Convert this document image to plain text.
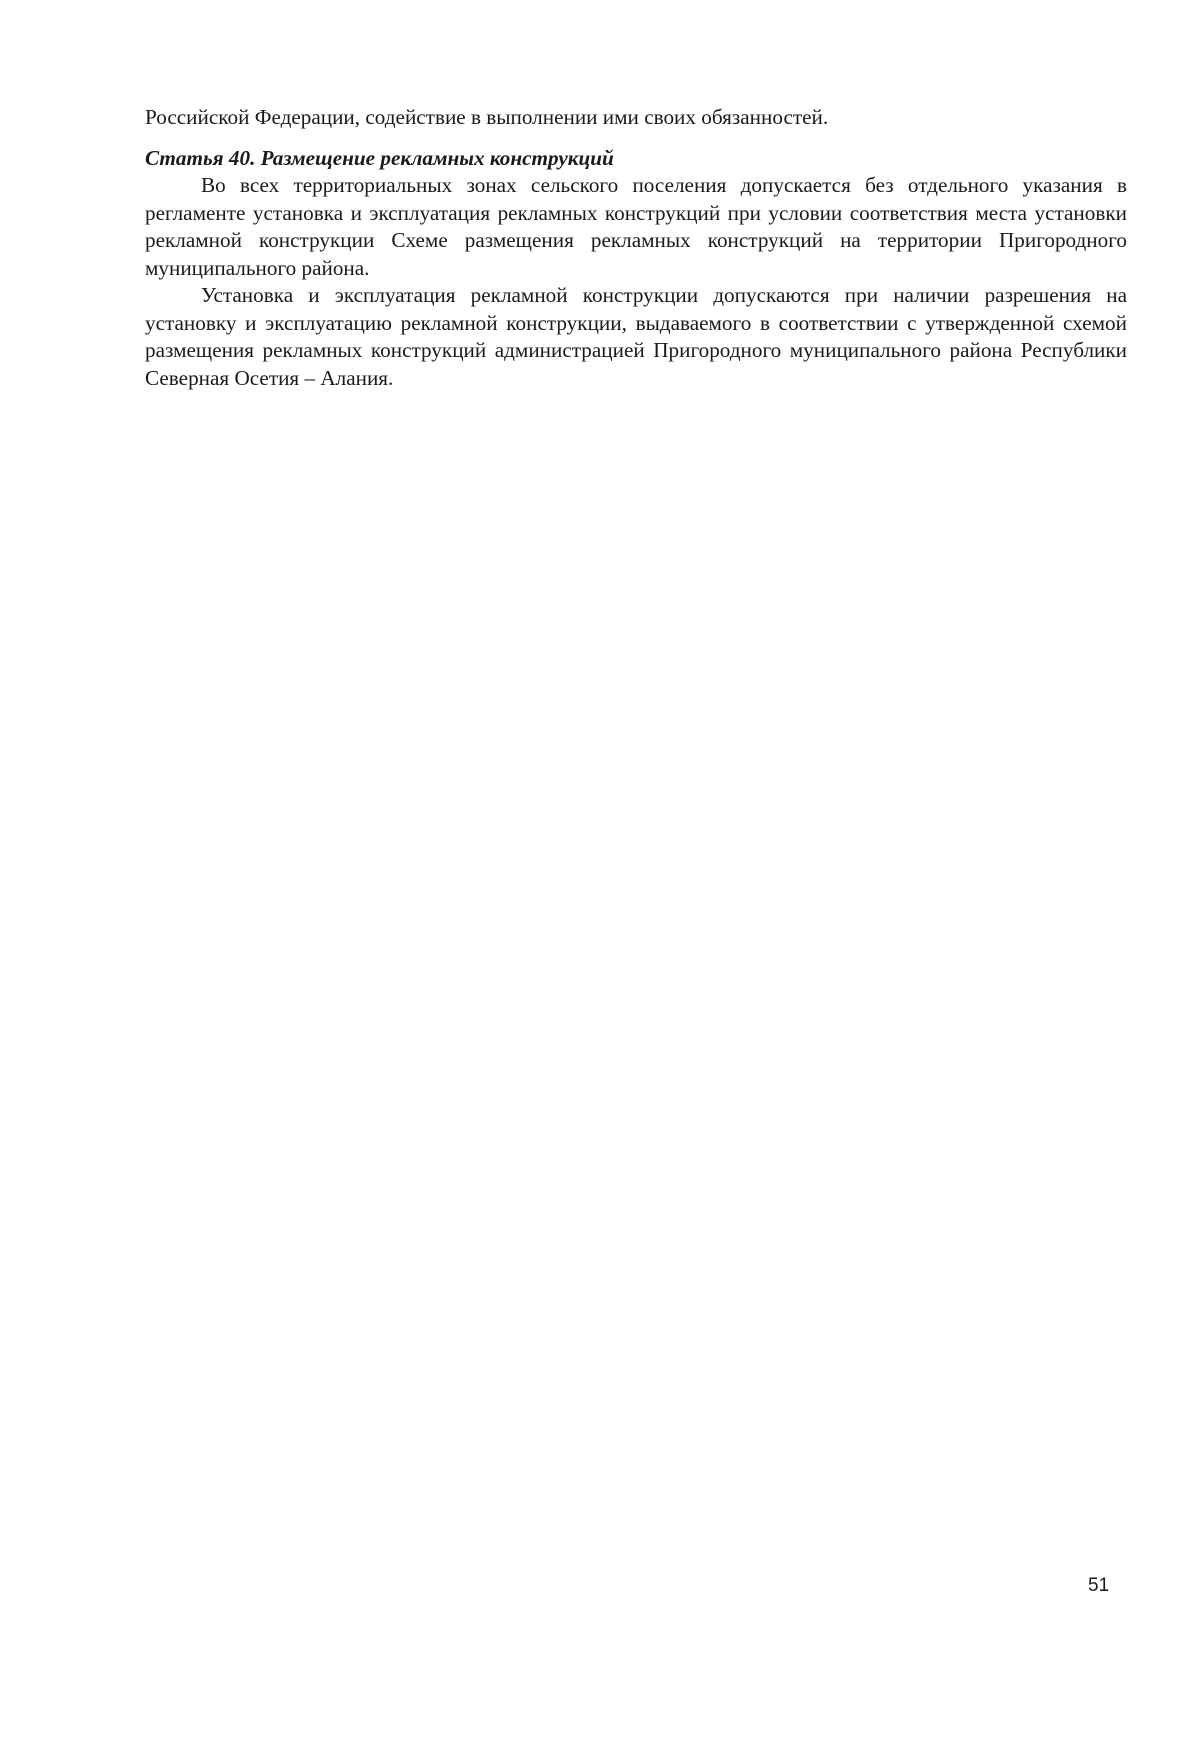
Российской Федерации, содействие в выполнении ими своих обязанностей.

Статья 40. Размещение рекламных конструкций

Во всех территориальных зонах сельского поселения допускается без отдельного указания в регламенте установка и эксплуатация рекламных конструкций при условии соответствия места установки рекламной конструкции Схеме размещения рекламных конструкций на территории Пригородного муниципального района.

Установка и эксплуатация рекламной конструкции допускаются при наличии разрешения на установку и эксплуатацию рекламной конструкции, выдаваемого в соответствии с утвержденной схемой размещения рекламных конструкций администрацией Пригородного муниципального района Республики Северная Осетия – Алания.

51
